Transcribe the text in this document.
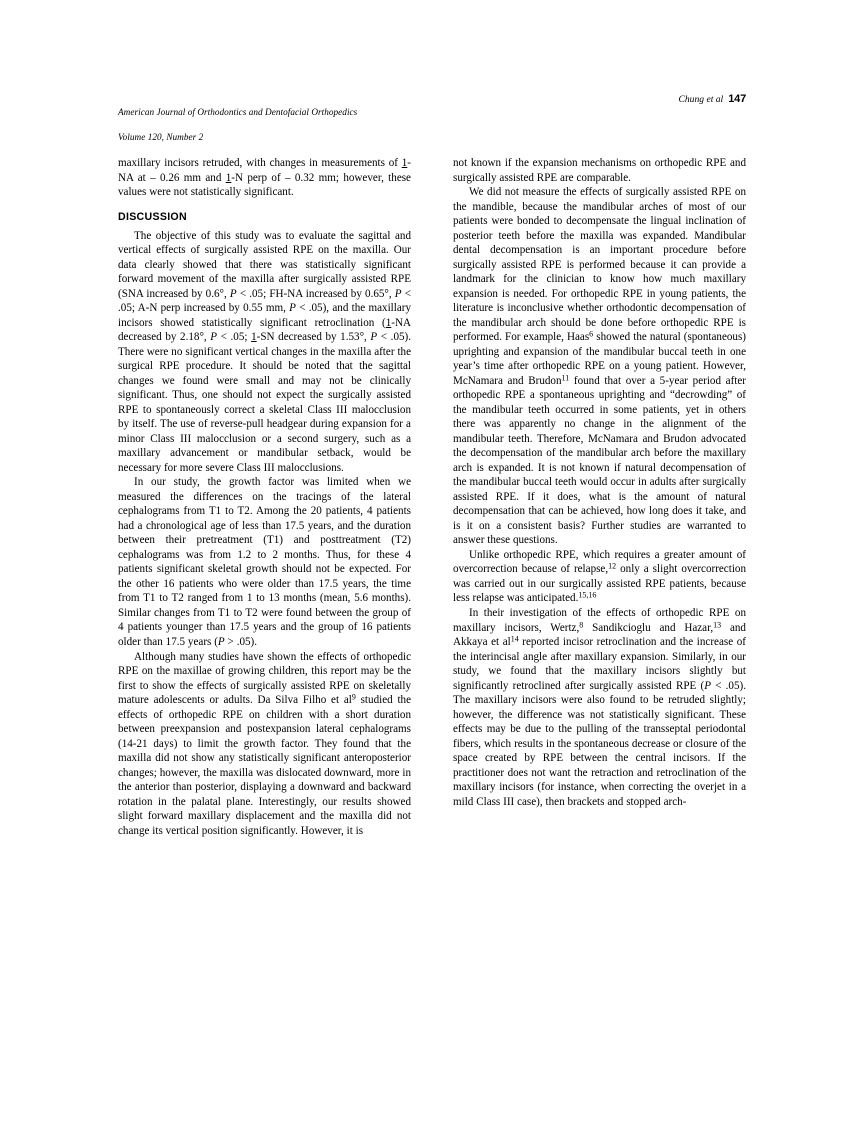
American Journal of Orthodontics and Dentofacial Orthopedics

Volume 120, Number 2

Chung et al 147

maxillary incisors retruded, with changes in measurements of 1-NA at – 0.26 mm and 1-N perp of – 0.32 mm; however, these values were not statistically significant.

DISCUSSION

The objective of this study was to evaluate the sagittal and vertical effects of surgically assisted RPE on the maxilla. Our data clearly showed that there was statistically significant forward movement of the maxilla after surgically assisted RPE (SNA increased by 0.6°, P < .05; FH-NA increased by 0.65°, P < .05; A-N perp increased by 0.55 mm, P < .05), and the maxillary incisors showed statistically significant retroclination (1-NA decreased by 2.18°, P < .05; 1-SN decreased by 1.53°, P < .05). There were no significant vertical changes in the maxilla after the surgical RPE procedure. It should be noted that the sagittal changes we found were small and may not be clinically significant. Thus, one should not expect the surgically assisted RPE to spontaneously correct a skeletal Class III malocclusion by itself. The use of reverse-pull headgear during expansion for a minor Class III malocclusion or a second surgery, such as a maxillary advancement or mandibular setback, would be necessary for more severe Class III malocclusions.

In our study, the growth factor was limited when we measured the differences on the tracings of the lateral cephalograms from T1 to T2. Among the 20 patients, 4 patients had a chronological age of less than 17.5 years, and the duration between their pretreatment (T1) and posttreatment (T2) cephalograms was from 1.2 to 2 months. Thus, for these 4 patients significant skeletal growth should not be expected. For the other 16 patients who were older than 17.5 years, the time from T1 to T2 ranged from 1 to 13 months (mean, 5.6 months). Similar changes from T1 to T2 were found between the group of 4 patients younger than 17.5 years and the group of 16 patients older than 17.5 years (P > .05).

Although many studies have shown the effects of orthopedic RPE on the maxillae of growing children, this report may be the first to show the effects of surgically assisted RPE on skeletally mature adolescents or adults. Da Silva Filho et $al^9$ studied the effects of orthopedic RPE on children with a short duration between preexpansion and postexpansion lateral cephalograms (14-21 days) to limit the growth factor. They found that the maxilla did not show any statistically significant anteroposterior changes; however, the maxilla was dislocated downward, more in the anterior than posterior, displaying a downward and backward rotation in the palatal plane. Interestingly, our results showed slight forward maxillary displacement and the maxilla did not change its vertical position significantly. However, it is

not known if the expansion mechanisms on orthopedic RPE and surgically assisted RPE are comparable.

We did not measure the effects of surgically assisted RPE on the mandible, because the mandibular arches of most of our patients were bonded to decompensate the lingual inclination of posterior teeth before the maxilla was expanded. Mandibular dental decompensation is an important procedure before surgically assisted RPE is performed because it can provide a landmark for the clinician to know how much maxillary expansion is needed. For orthopedic RPE in young patients, the literature is inconclusive whether orthodontic decompensation of the mandibular arch should be done before orthopedic RPE is performed. For example, Haas$^6$ showed the natural (spontaneous) uprighting and expansion of the mandibular buccal teeth in one year’s time after orthopedic RPE on a young patient. However, McNamara and Brudon$^{11}$ found that over a 5-year period after orthopedic RPE a spontaneous uprighting and “decrowding” of the mandibular teeth occurred in some patients, yet in others there was apparently no change in the alignment of the mandibular teeth. Therefore, McNamara and Brudon advocated the decompensation of the mandibular arch before the maxillary arch is expanded. It is not known if natural decompensation of the mandibular buccal teeth would occur in adults after surgically assisted RPE. If it does, what is the amount of natural decompensation that can be achieved, how long does it take, and is it on a consistent basis? Further studies are warranted to answer these questions.

Unlike orthopedic RPE, which requires a greater amount of overcorrection because of relapse,$^{12}$ only a slight overcorrection was carried out in our surgically assisted RPE patients, because less relapse was anticipated.$^{15,16}$

In their investigation of the effects of orthopedic RPE on maxillary incisors, Wertz,$^8$ Sandikcioglu and Hazar,$^{13}$ and Akkaya et $al^{14}$ reported incisor retroclination and the increase of the interincisal angle after maxillary expansion. Similarly, in our study, we found that the maxillary incisors slightly but significantly retroclined after surgically assisted RPE (P < .05). The maxillary incisors were also found to be retruded slightly; however, the difference was not statistically significant. These effects may be due to the pulling of the transseptal periodontal fibers, which results in the spontaneous decrease or closure of the space created by RPE between the central incisors. If the practitioner does not want the retraction and retroclination of the maxillary incisors (for instance, when correcting the overjet in a mild Class III case), then brackets and stopped arch-
